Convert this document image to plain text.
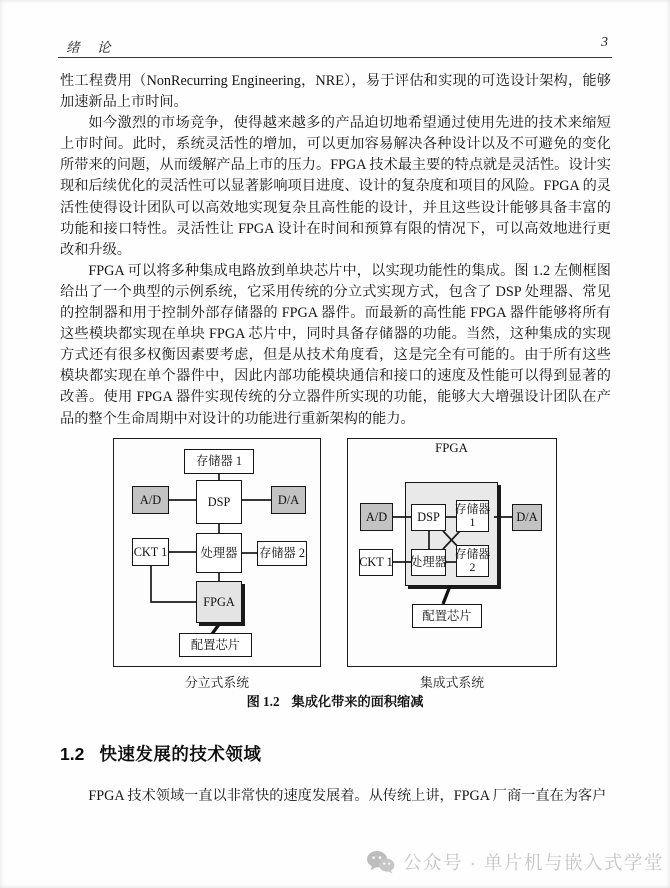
绪　论	3

性工程费用（NonRecurring Engineering，NRE），易于评估和实现的可选设计架构，能够加速新品上市时间。

如今激烈的市场竞争，使得越来越多的产品迫切地希望通过使用先进的技术来缩短上市时间。此时，系统灵活性的增加，可以更加容易解决各种设计以及不可避免的变化所带来的问题，从而缓解产品上市的压力。FPGA 技术最主要的特点就是灵活性。设计实现和后续优化的灵活性可以显著影响项目进度、设计的复杂度和项目的风险。FPGA 的灵活性使得设计团队可以高效地实现复杂且高性能的设计，并且这些设计能够具备丰富的功能和接口特性。灵活性让 FPGA 设计在时间和预算有限的情况下，可以高效地进行更改和升级。

FPGA 可以将多种集成电路放到单块芯片中，以实现功能性的集成。图 1.2 左侧框图给出了一个典型的示例系统，它采用传统的分立式实现方式，包含了 DSP 处理器、常见的控制器和用于控制外部存储器的 FPGA 器件。而最新的高性能 FPGA 器件能够将所有这些模块都实现在单块 FPGA 芯片中，同时具备存储器的功能。当然，这种集成的实现方式还有很多权衡因素要考虑，但是从技术角度看，这是完全有可能的。由于所有这些模块都实现在单个器件中，因此内部功能模块通信和接口的速度及性能可以得到显著的改善。使用 FPGA 器件实现传统的分立器件所实现的功能，能够大大增强设计团队在产品的整个生命周期中对设计的功能进行重新架构的能力。

存储器 1
DSP
A/D	D/A
处理器
CKT 1	存储器 2
FPGA
配置芯片
FPGA
DSP
存储器
1
处理器
存储器
2
A/D
CKT 1
D/A
配置芯片
分立式系统	集成式系统
图 1.2 集成化带来的面积缩减
1.2 快速发展的技术领域

FPGA 技术领域一直以非常快的速度发展着。从传统上讲，FPGA 厂商一直在为客户

公众号 · 单片机与嵌入式学堂
